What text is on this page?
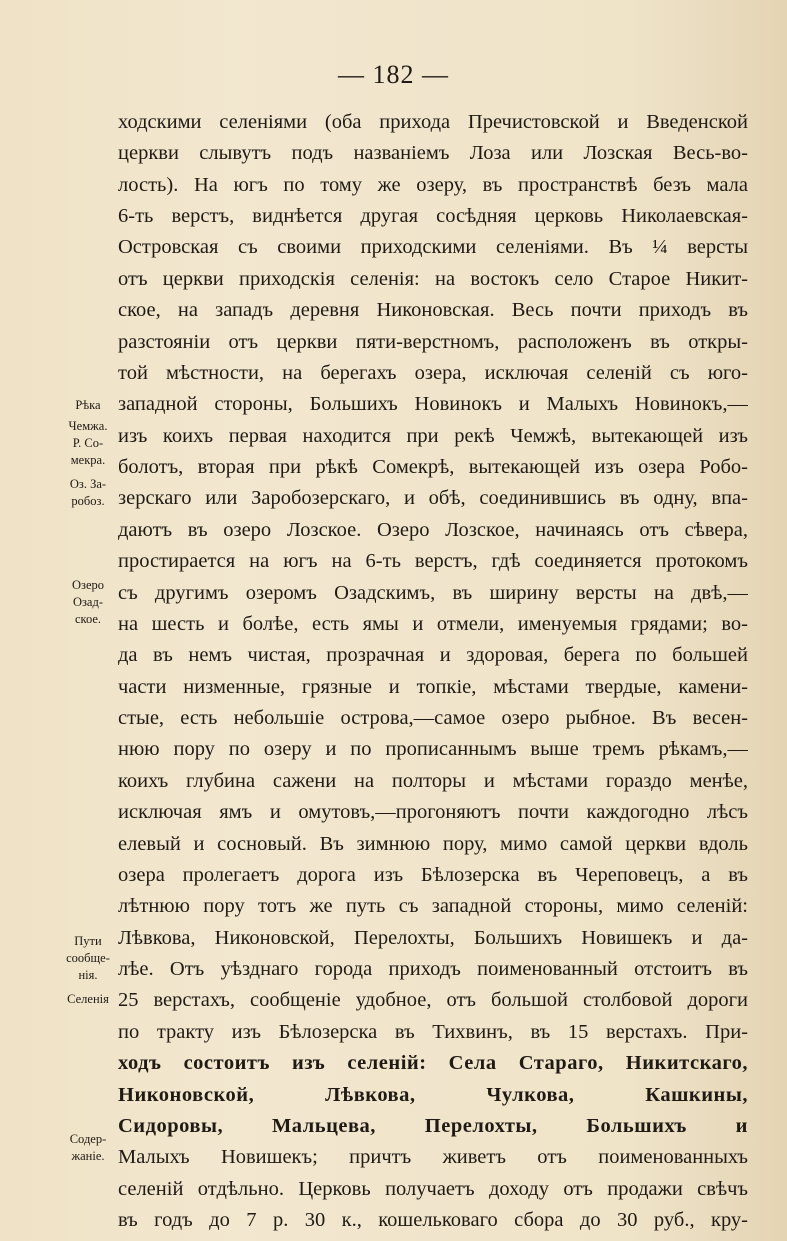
— 182 —
ходскими селеніями (оба прихода Пречистовской и Введенской
церкви слывутъ подъ названіемъ Лоза или Лозская Весь-во-
лость). На югъ по тому же озеру, въ пространствѣ безъ мала
6-ть верстъ, виднѣется другая сосѣдняя церковь Николаевская-
Островская съ своими приходскими селеніями. Въ ¼ версты
отъ церкви приходскія селенія: на востокъ село Старое Никит-
ское, на западъ деревня Никоновская. Весь почти приходъ въ
разстояніи отъ церкви пяти-верстномъ, расположенъ въ откры-
той мѣстности, на берегахъ озера, исключая селеній съ юго-
западной стороны, Большихъ Новинокъ и Малыхъ Новинокъ,—
изъ коихъ первая находится при рекѣ Чемжѣ, вытекающей изъ
болотъ, вторая при рѣкѣ Сомекрѣ, вытекающей изъ озера Робо-
зерскаго или Заробозерскаго, и обѣ, соединившись въ одну, впа-
даютъ въ озеро Лозское. Озеро Лозское, начинаясь отъ сѣвера,
простирается на югъ на 6-ть верстъ, гдѣ соединяется протокомъ
съ другимъ озеромъ Озадскимъ, въ ширину версты на двѣ,—
на шесть и болѣе, есть ямы и отмели, именуемыя грядами; во-
да въ немъ чистая, прозрачная и здоровая, берега по большей
части низменные, грязные и топкіе, мѣстами твердые, камени-
стые, есть небольшіе острова,—самое озеро рыбное. Въ весен-
нюю пору по озеру и по прописаннымъ выше тремъ рѣкамъ,—
коихъ глубина сажени на полторы и мѣстами гораздо менѣе,
исключая ямъ и омутовъ,—прогоняютъ почти каждогодно лѣсъ
елевый и сосновый. Въ зимнюю пору, мимо самой церкви вдоль
озера пролегаетъ дорога изъ Бѣлозерска въ Череповецъ, а въ
лѣтнюю пору тотъ же путь съ западной стороны, мимо селеній:
Лѣвкова, Никоновской, Перелохты, Большихъ Новишекъ и да-
лѣе. Отъ уѣзднаго города приходъ поименованный отстоитъ въ
25 верстахъ, сообщеніе удобное, отъ большой столбовой дороги
по тракту изъ Бѣлозерска въ Тихвинъ, въ 15 верстахъ. При-
ходъ состоитъ изъ селеній: Села Стараго, Никитскаго,
Никоновской, Лѣвкова, Чулкова, Кашкины,
Сидоровы, Мальцева, Перелохты, Большихъ и
Рѣка
Чемжа.
Р. Со-
мекра.
Оз. За-
робоз.
Озеро
Озад-
ское.
Пути
сообще-
нія.
Селенія
Содер-
жаніе. Малыхъ Новишекъ; причтъ живетъ отъ поименованныхъ
селеній отдѣльно. Церковь получаетъ доходу отъ продажи свѣчъ
въ годъ до 7 р. 30 к., кошельковаго сбора до 30 руб., кру-
